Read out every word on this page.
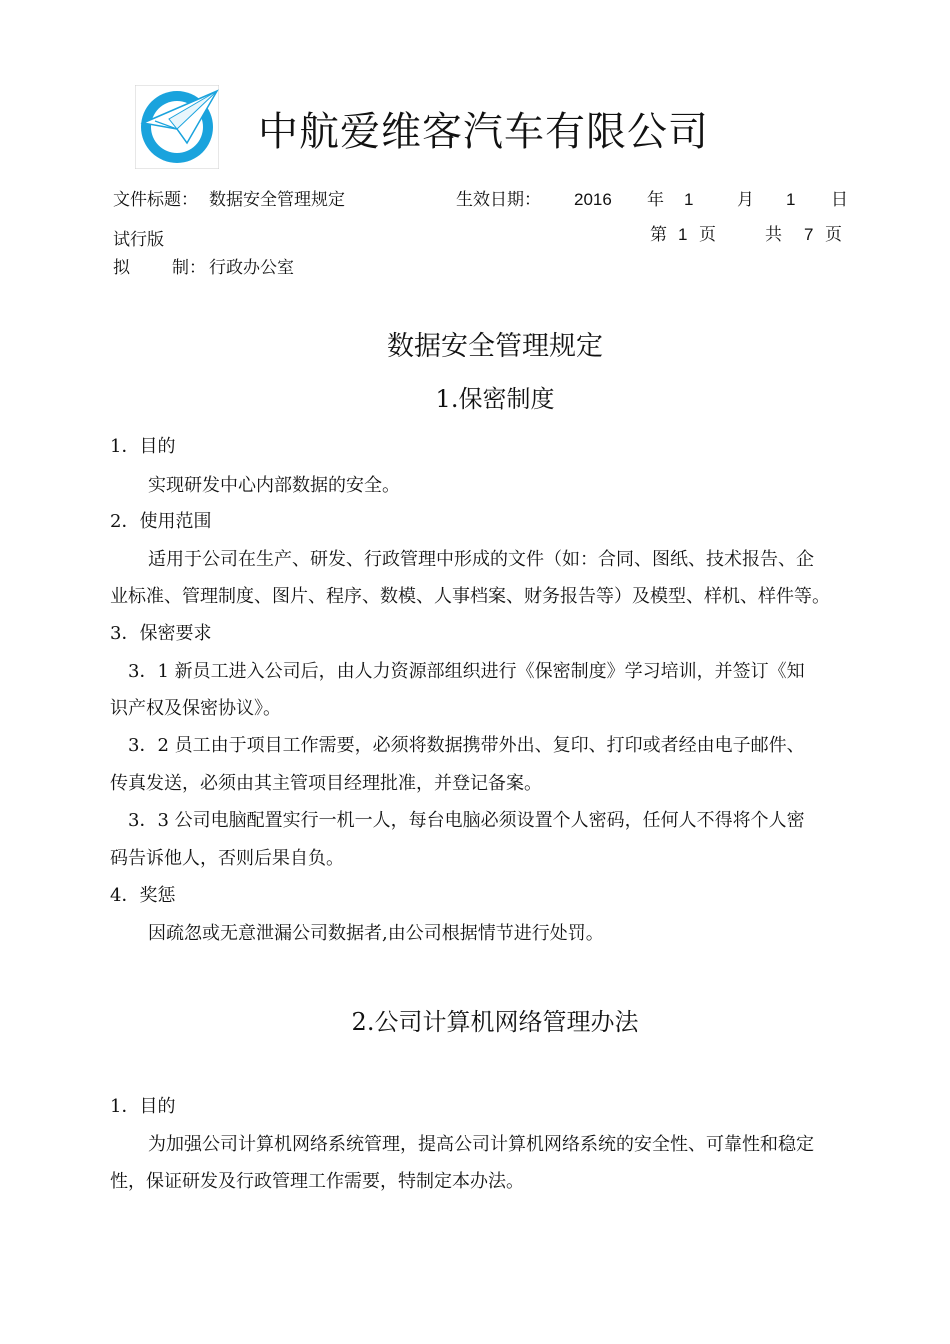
AVIC 中航爱维客汽车有限公司
文件标题： 数据安全管理规定	生效日期： 2016 年 1	月 1 日
试行版	第 1 页	共 7 页
拟 制： 行政办公室
数据安全管理规定
1.保密制度
1．目的
实现研发中心内部数据的安全。
2．使用范围
适用于公司在生产、研发、行政管理中形成的文件（如：合同、图纸、技术报告、企
业标准、管理制度、图片、程序、数模、人事档案、财务报告等）及模型、样机、样件等。
3．保密要求
3．1 新员工进入公司后，由人力资源部组织进行《保密制度》学习培训，并签订《知
识产权及保密协议》。
3．2 员工由于项目工作需要，必须将数据携带外出、复印、打印或者经由电子邮件、
传真发送，必须由其主管项目经理批准，并登记备案。
3．3 公司电脑配置实行一机一人，每台电脑必须设置个人密码，任何人不得将个人密
码告诉他人，否则后果自负。
4．奖惩
因疏忽或无意泄漏公司数据者,由公司根据情节进行处罚。
2.公司计算机网络管理办法
1．目的
为加强公司计算机网络系统管理，提高公司计算机网络系统的安全性、可靠性和稳定
性，保证研发及行政管理工作需要，特制定本办法。
